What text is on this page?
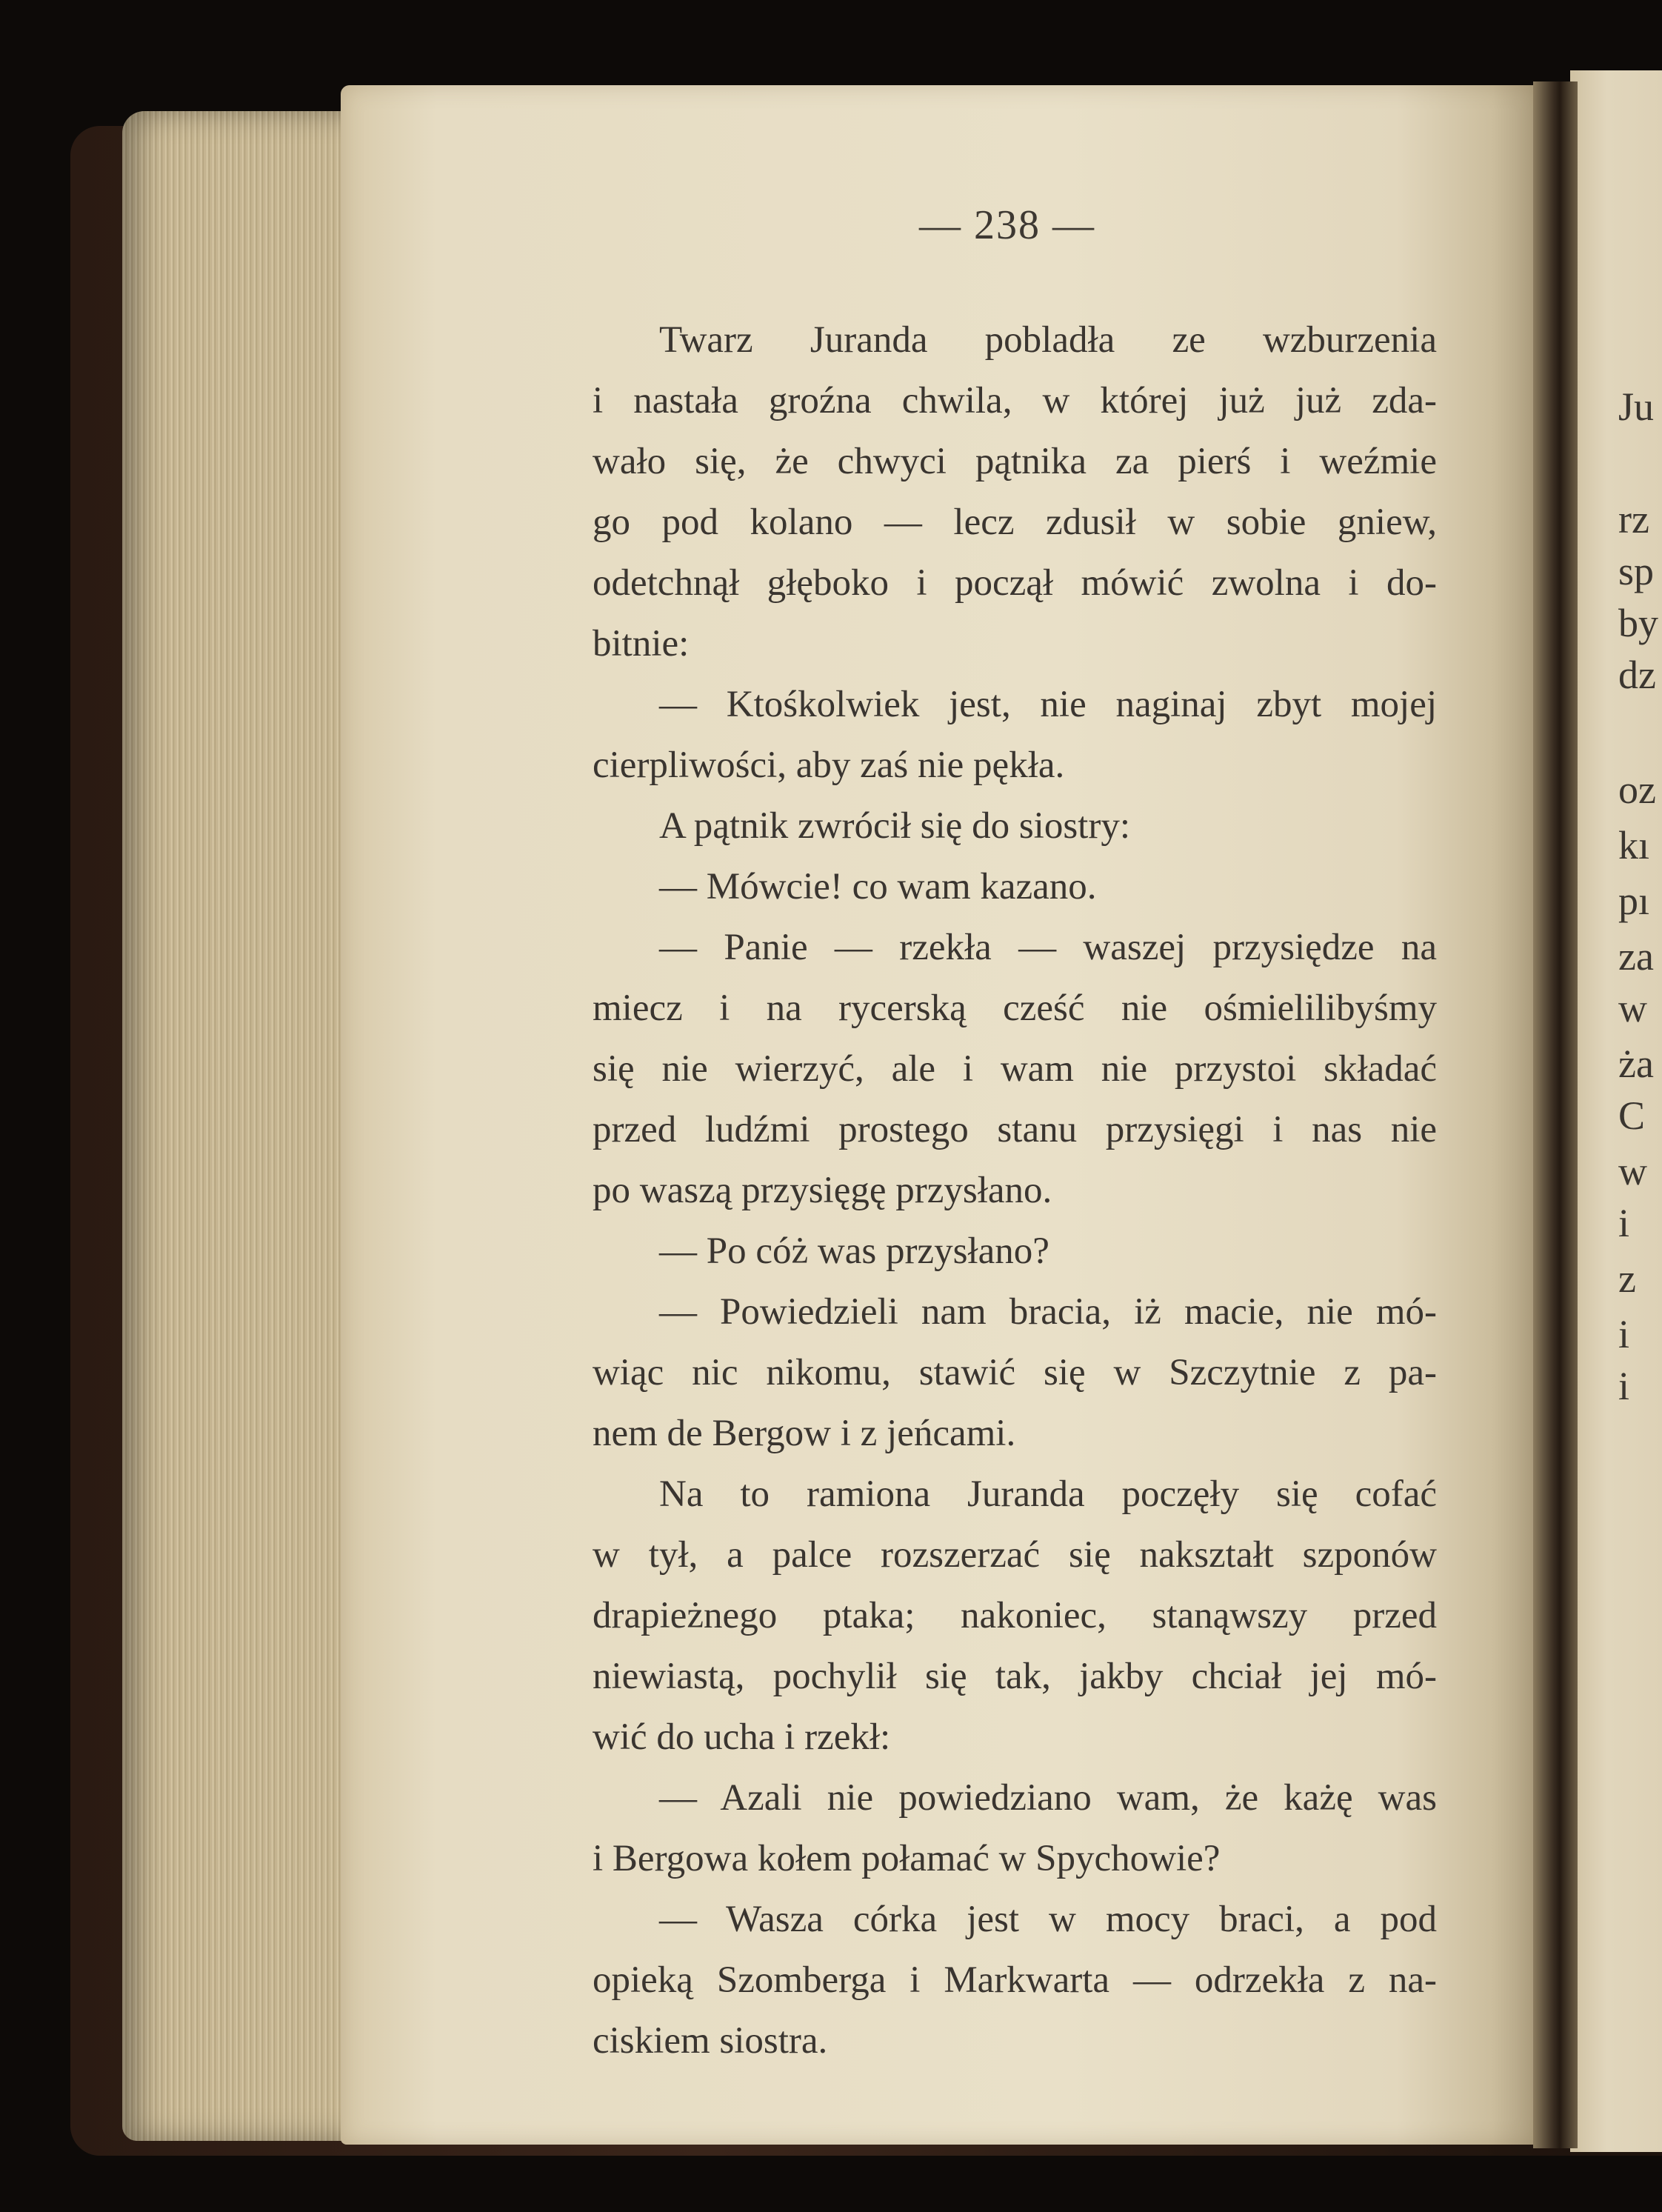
— 238 —
Twarz Juranda pobladła ze wzburzenia
i nastała groźna chwila, w której już już zda-
wało się, że chwyci pątnika za pierś i weźmie
go pod kolano — lecz zdusił w sobie gniew,
odetchnął głęboko i począł mówić zwolna i do-
bitnie:
— Ktośkolwiek jest, nie naginaj zbyt mojej
cierpliwości, aby zaś nie pękła.
A pątnik zwrócił się do siostry:
— Mówcie! co wam kazano.
— Panie — rzekła — waszej przysiędze na
miecz i na rycerską cześć nie ośmielilibyśmy
się nie wierzyć, ale i wam nie przystoi składać
przed ludźmi prostego stanu przysięgi i nas nie
po waszą przysięgę przysłano.
— Po cóż was przysłano?
— Powiedzieli nam bracia, iż macie, nie mó-
wiąc nic nikomu, stawić się w Szczytnie z pa-
nem de Bergow i z jeńcami.
Na to ramiona Juranda poczęły się cofać
w tył, a palce rozszerzać się nakształt szponów
drapieżnego ptaka; nakoniec, stanąwszy przed
niewiastą, pochylił się tak, jakby chciał jej mó-
wić do ucha i rzekł:
— Azali nie powiedziano wam, że każę was
i Bergowa kołem połamać w Spychowie?
— Wasza córka jest w mocy braci, a pod
opieką Szomberga i Markwarta — odrzekła z na-
ciskiem siostra.
Ju
rz
sp
by
dz
oz
kı
pı
za
w
ża
C
w
i
z
i
i
